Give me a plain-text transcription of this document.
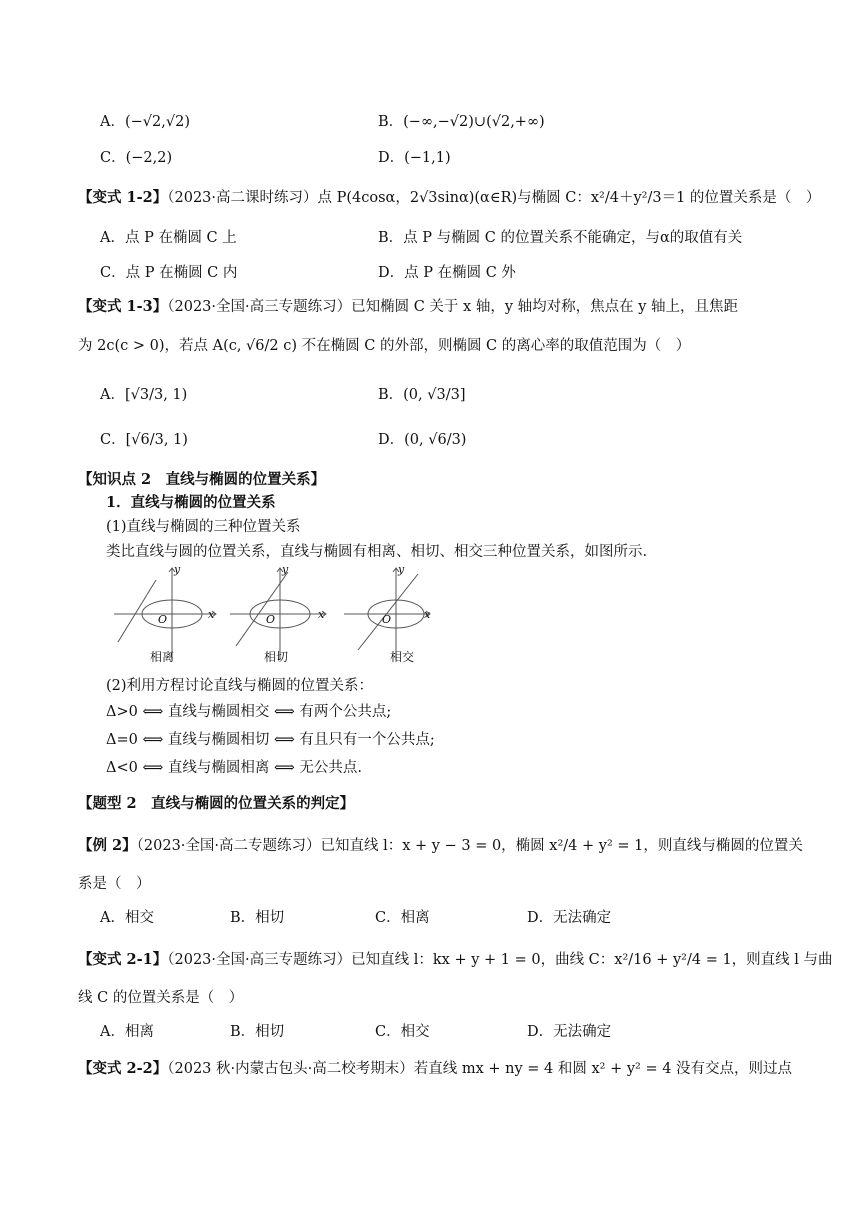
A．(−√2,√2)	B．(−∞,−√2)∪(√2,+∞)
C．(−2,2)	D．(−1,1)
【变式 1-2】（2023·高二课时练习）点 P(4cosα，2√3sinα)(α∈R)与椭圆 C：x²/4＋y²/3＝1 的位置关系是（　）
A．点 P 在椭圆 C 上	B．点 P 与椭圆 C 的位置关系不能确定，与α的取值有关
C．点 P 在椭圆 C 内	D．点 P 在椭圆 C 外
【变式 1-3】（2023·全国·高三专题练习）已知椭圆 C 关于 x 轴，y 轴均对称，焦点在 y 轴上，且焦距
为 2c(c > 0)，若点 A(c, √6/2 c) 不在椭圆 C 的外部，则椭圆 C 的离心率的取值范围为（　）
A．[√3/3, 1)	B．(0, √3/3]
C．[√6/3, 1)	D．(0, √6/3)
【知识点 2　直线与椭圆的位置关系】
1．直线与椭圆的位置关系
(1)直线与椭圆的三种位置关系
类比直线与圆的位置关系，直线与椭圆有相离、相切、相交三种位置关系，如图所示.
y
x
O
y
x
O
y
x
O
相离	相切	相交
(2)利用方程讨论直线与椭圆的位置关系：
Δ>0 ⟺ 直线与椭圆相交 ⟺ 有两个公共点;
Δ=0 ⟺ 直线与椭圆相切 ⟺ 有且只有一个公共点;
Δ<0 ⟺ 直线与椭圆相离 ⟺ 无公共点.
【题型 2　直线与椭圆的位置关系的判定】
【例 2】（2023·全国·高二专题练习）已知直线 l：x + y − 3 = 0，椭圆 x²/4 + y² = 1，则直线与椭圆的位置关
系是（　）
A．相交	B．相切	C．相离	D．无法确定
【变式 2-1】（2023·全国·高三专题练习）已知直线 l：kx + y + 1 = 0，曲线 C：x²/16 + y²/4 = 1，则直线 l 与曲
线 C 的位置关系是（　）
A．相离	B．相切	C．相交	D．无法确定
【变式 2-2】（2023 秋·内蒙古包头·高二校考期末）若直线 mx + ny = 4 和圆 x² + y² = 4 没有交点，则过点
